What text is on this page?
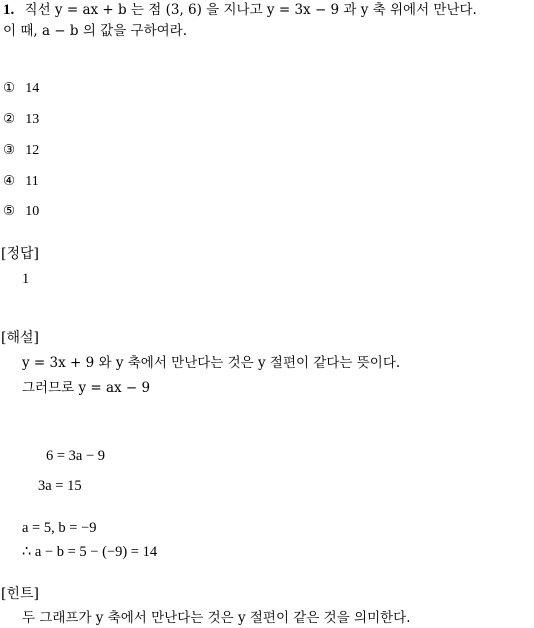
1. 직선 y = ax + b 는 점 (3, 6) 을 지나고 y = 3x − 9 과 y 축 위에서 만난다.
이 때, a − b 의 값을 구하여라.
① 14
② 13
③ 12
④ 11
⑤ 10
[정답]
1
[해설]
y = 3x + 9 와 y 축에서 만난다는 것은 y 절편이 같다는 뜻이다.
그러므로 y = ax − 9
6 = 3a − 9
3a = 15
a = 5, b = −9
∴ a − b = 5 − (−9) = 14
[힌트]
두 그래프가 y 축에서 만난다는 것은 y 절편이 같은 것을 의미한다.
